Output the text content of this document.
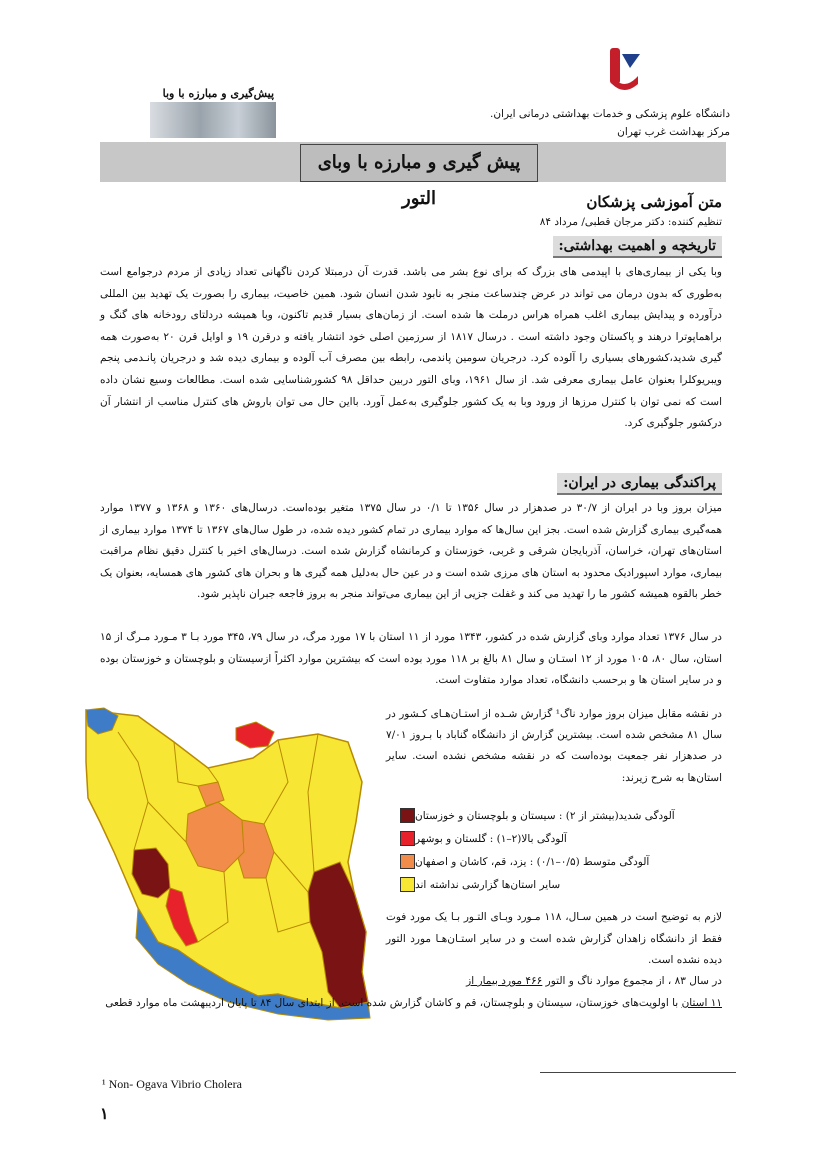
دانشگاه علوم پزشکی و خدمات بهداشتی درمانی ایران.
مرکز بهداشت غرب تهران
پیش‌گیری و مبارزه با وبا
پیش گیری و مبارزه با وبای التور	متن آموزشی پزشکان
تنظیم کننده: دکتر مرجان قطبی/ مرداد ۸۴
تاریخچه و اهمیت بهداشتی:
وبا یکی از بیماری‌های با اپیدمی های بزرگ که برای نوع بشر می باشد. قدرت آن درمبتلا کردن ناگهانی تعداد زیادی از مردم درجوامع است به‌طوری که بدون درمان می تواند در عرض چندساعت منجر به نابود شدن انسان شود. همین خاصیت، بیماری را بصورت یک تهدید بین المللی درآورده و پیدایش بیماری اغلب همراه هراس درملت ها شده است. از زمان‌های بسیار قدیم تاکنون، وبا همیشه دردلتای رودخانه های گنگ و براهماپوترا درهند و پاکستان وجود داشته است . درسال ۱۸۱۷ از سرزمین اصلی خود انتشار یافته و درقرن ۱۹ و اوایل قرن ۲۰ به‌صورت همه گیری شدید،کشورهای بسیاری را آلوده کرد. درجریان سومین پاندمی، رابطه بین مصرف آب آلوده و بیماری دیده شد و درجریان پانـدمی پنجم ویبریوکلرا بعنوان عامل بیماری معرفی شد. از سال ۱۹۶۱، وبای التور دربین حداقل ۹۸ کشورشناسایی شده است. مطالعات وسیع نشان داده است که نمی توان با کنترل مرزها از ورود وبا به یک کشور جلوگیری به‌عمل آورد. بااین حال می توان باروش های کنترل مناسب از انتشار آن درکشور جلوگیری کرد.
پراکندگی بیماری در ایران:
میزان بروز وبا در ایران از ۳۰/۷ در صدهزار در سال ۱۳۵۶ تا ۰/۱ در سال ۱۳۷۵ متغیر بوده‌است. درسال‌های ۱۳۶۰ و ۱۳۶۸ و ۱۳۷۷ موارد همه‌گیری بیماری گزارش شده است. بجز این سال‌ها که موارد بیماری در تمام کشور دیده شده، در طول سال‌های ۱۳۶۷ تا ۱۳۷۴ موارد بیماری از استان‌های تهران، خراسان، آذربایجان شرقی و غربی، خوزستان و کرمانشاه گزارش شده است. درسال‌های اخیر با کنترل دقیق نظام مراقبت بیماری، موارد اسپورادیک محدود به استان های مرزی شده است و در عین حال به‌دلیل همه گیری ها و بحران های کشور های همسایه، بعنوان یک خطر بالقوه همیشه کشور ما را تهدید می کند و غفلت جزیی از این بیماری می‌تواند منجر به بروز فاجعه جبران ناپذیر شود.
در سال ۱۳۷۶ تعداد موارد وبای گزارش شده در کشور، ۱۳۴۳ مورد از ۱۱ استان با ۱۷ مورد مرگ، در سال ۷۹، ۳۴۵ مورد بـا ۳ مـورد مـرگ از ۱۵ استان، سال ۸۰، ۱۰۵ مورد از ۱۲ استـان و سال ۸۱ بالغ بر ۱۱۸ مورد بوده است که بیشترین موارد اکثراً ازسیستان و بلوچستان و خوزستان بوده و در سایر استان ها و برحسب دانشگاه، تعداد موارد متفاوت است.
در نقشه مقابل میزان بروز موارد ناگ¹ گزارش شـده از استـان‌هـای کـشور در سال ۸۱ مشخص شده است. بیشترین گزارش از دانشگاه گناباد با بـروز ۷/۰۱ در صدهزار نفر جمعیت بوده‌است که در نقشه مشخص نشده است. سایر استان‌ها به شرح زیرند:
آلودگی شدید(بیشتر از ۲) : سیستان و بلوچستان و خوزستان
آلودگی بالا(۲–۱) : گلستان و بوشهر
آلودگی متوسط (۰/۵–۰/۱) : یزد، قم، کاشان و اصفهان
سایر استان‌ها گزارشی نداشته اند
لازم به توضیح است در همین سـال، ۱۱۸ مـورد وبـای التـور بـا یک مورد فوت فقط از دانشگاه زاهدان گزارش شده است و در سایر استـان‌هـا مورد التور دیده نشده است.
در سال ۸۳ ، از مجموع موارد ناگ و التور ۴۶۶ مورد بیمار از
۱۱ استان با اولویت‌های خوزستان، سیستان و بلوچستان، قم و کاشان گزارش شده است. از ابتدای سال ۸۴ تا پایان اردیبهشت ماه موارد قطعی
¹ Non- Ogava Vibrio Cholera
۱
